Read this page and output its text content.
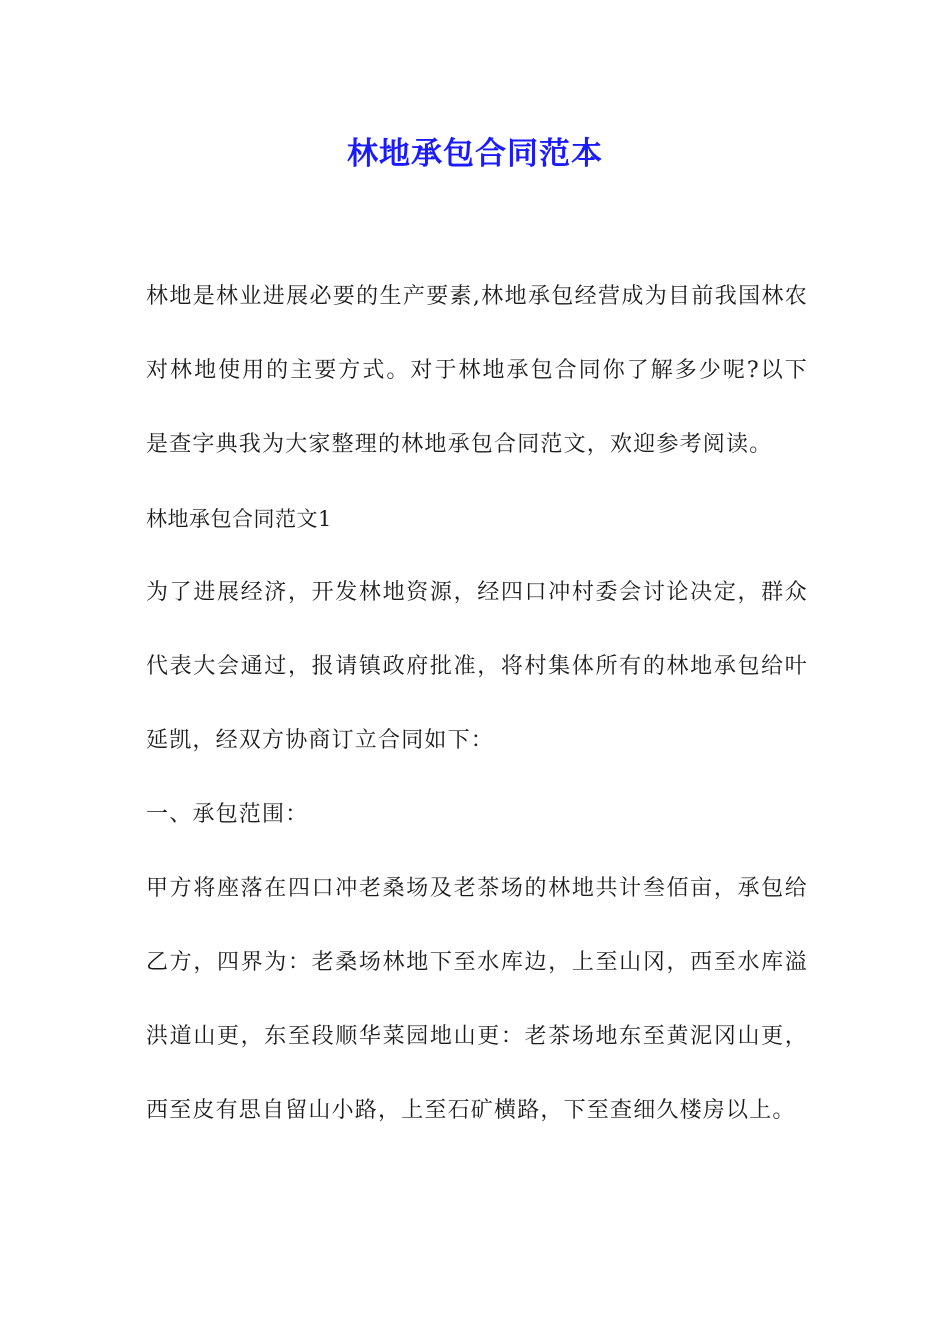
林地承包合同范本

林地是林业进展必要的生产要素,林地承包经营成为目前我国林农对林地使用的主要方式。对于林地承包合同你了解多少呢?以下是查字典我为大家整理的林地承包合同范文，欢迎参考阅读。

林地承包合同范文1

为了进展经济，开发林地资源，经四口冲村委会讨论决定，群众代表大会通过，报请镇政府批准，将村集体所有的林地承包给叶延凯，经双方协商订立合同如下：

一、承包范围：

甲方将座落在四口冲老桑场及老茶场的林地共计叁佰亩，承包给乙方，四界为：老桑场林地下至水库边，上至山冈，西至水库溢洪道山更，东至段顺华菜园地山更：老茶场地东至黄泥冈山更，西至皮有思自留山小路，上至石矿横路，下至查细久楼房以上。
